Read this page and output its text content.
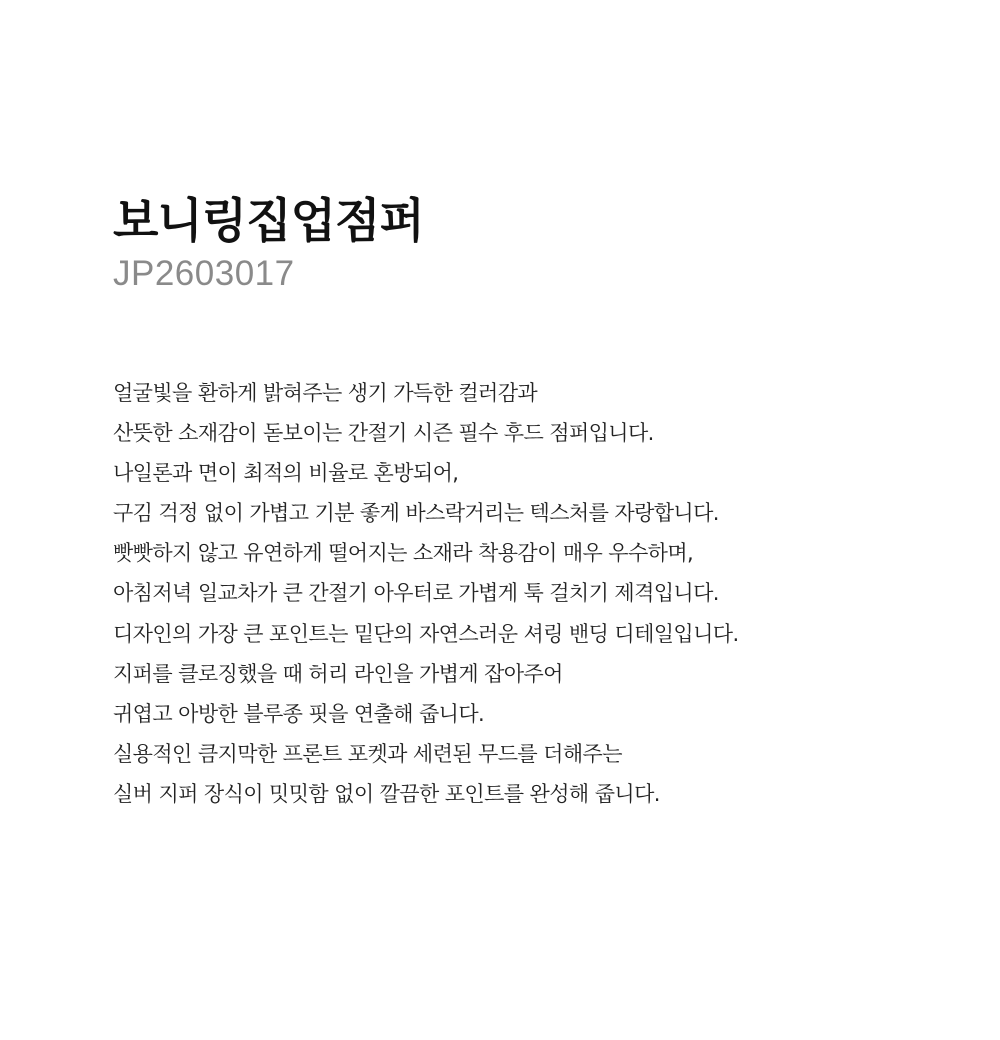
보니링집업점퍼

JP2603017

얼굴빛을 환하게 밝혀주는 생기 가득한 컬러감과
산뜻한 소재감이 돋보이는 간절기 시즌 필수 후드 점퍼입니다.
나일론과 면이 최적의 비율로 혼방되어,
구김 걱정 없이 가볍고 기분 좋게 바스락거리는 텍스처를 자랑합니다.
빳빳하지 않고 유연하게 떨어지는 소재라 착용감이 매우 우수하며,
아침저녁 일교차가 큰 간절기 아우터로 가볍게 툭 걸치기 제격입니다.
디자인의 가장 큰 포인트는 밑단의 자연스러운 셔링 밴딩 디테일입니다.
지퍼를 클로징했을 때 허리 라인을 가볍게 잡아주어
귀엽고 아방한 블루종 핏을 연출해 줍니다.
실용적인 큼지막한 프론트 포켓과 세련된 무드를 더해주는
실버 지퍼 장식이 밋밋함 없이 깔끔한 포인트를 완성해 줍니다.
